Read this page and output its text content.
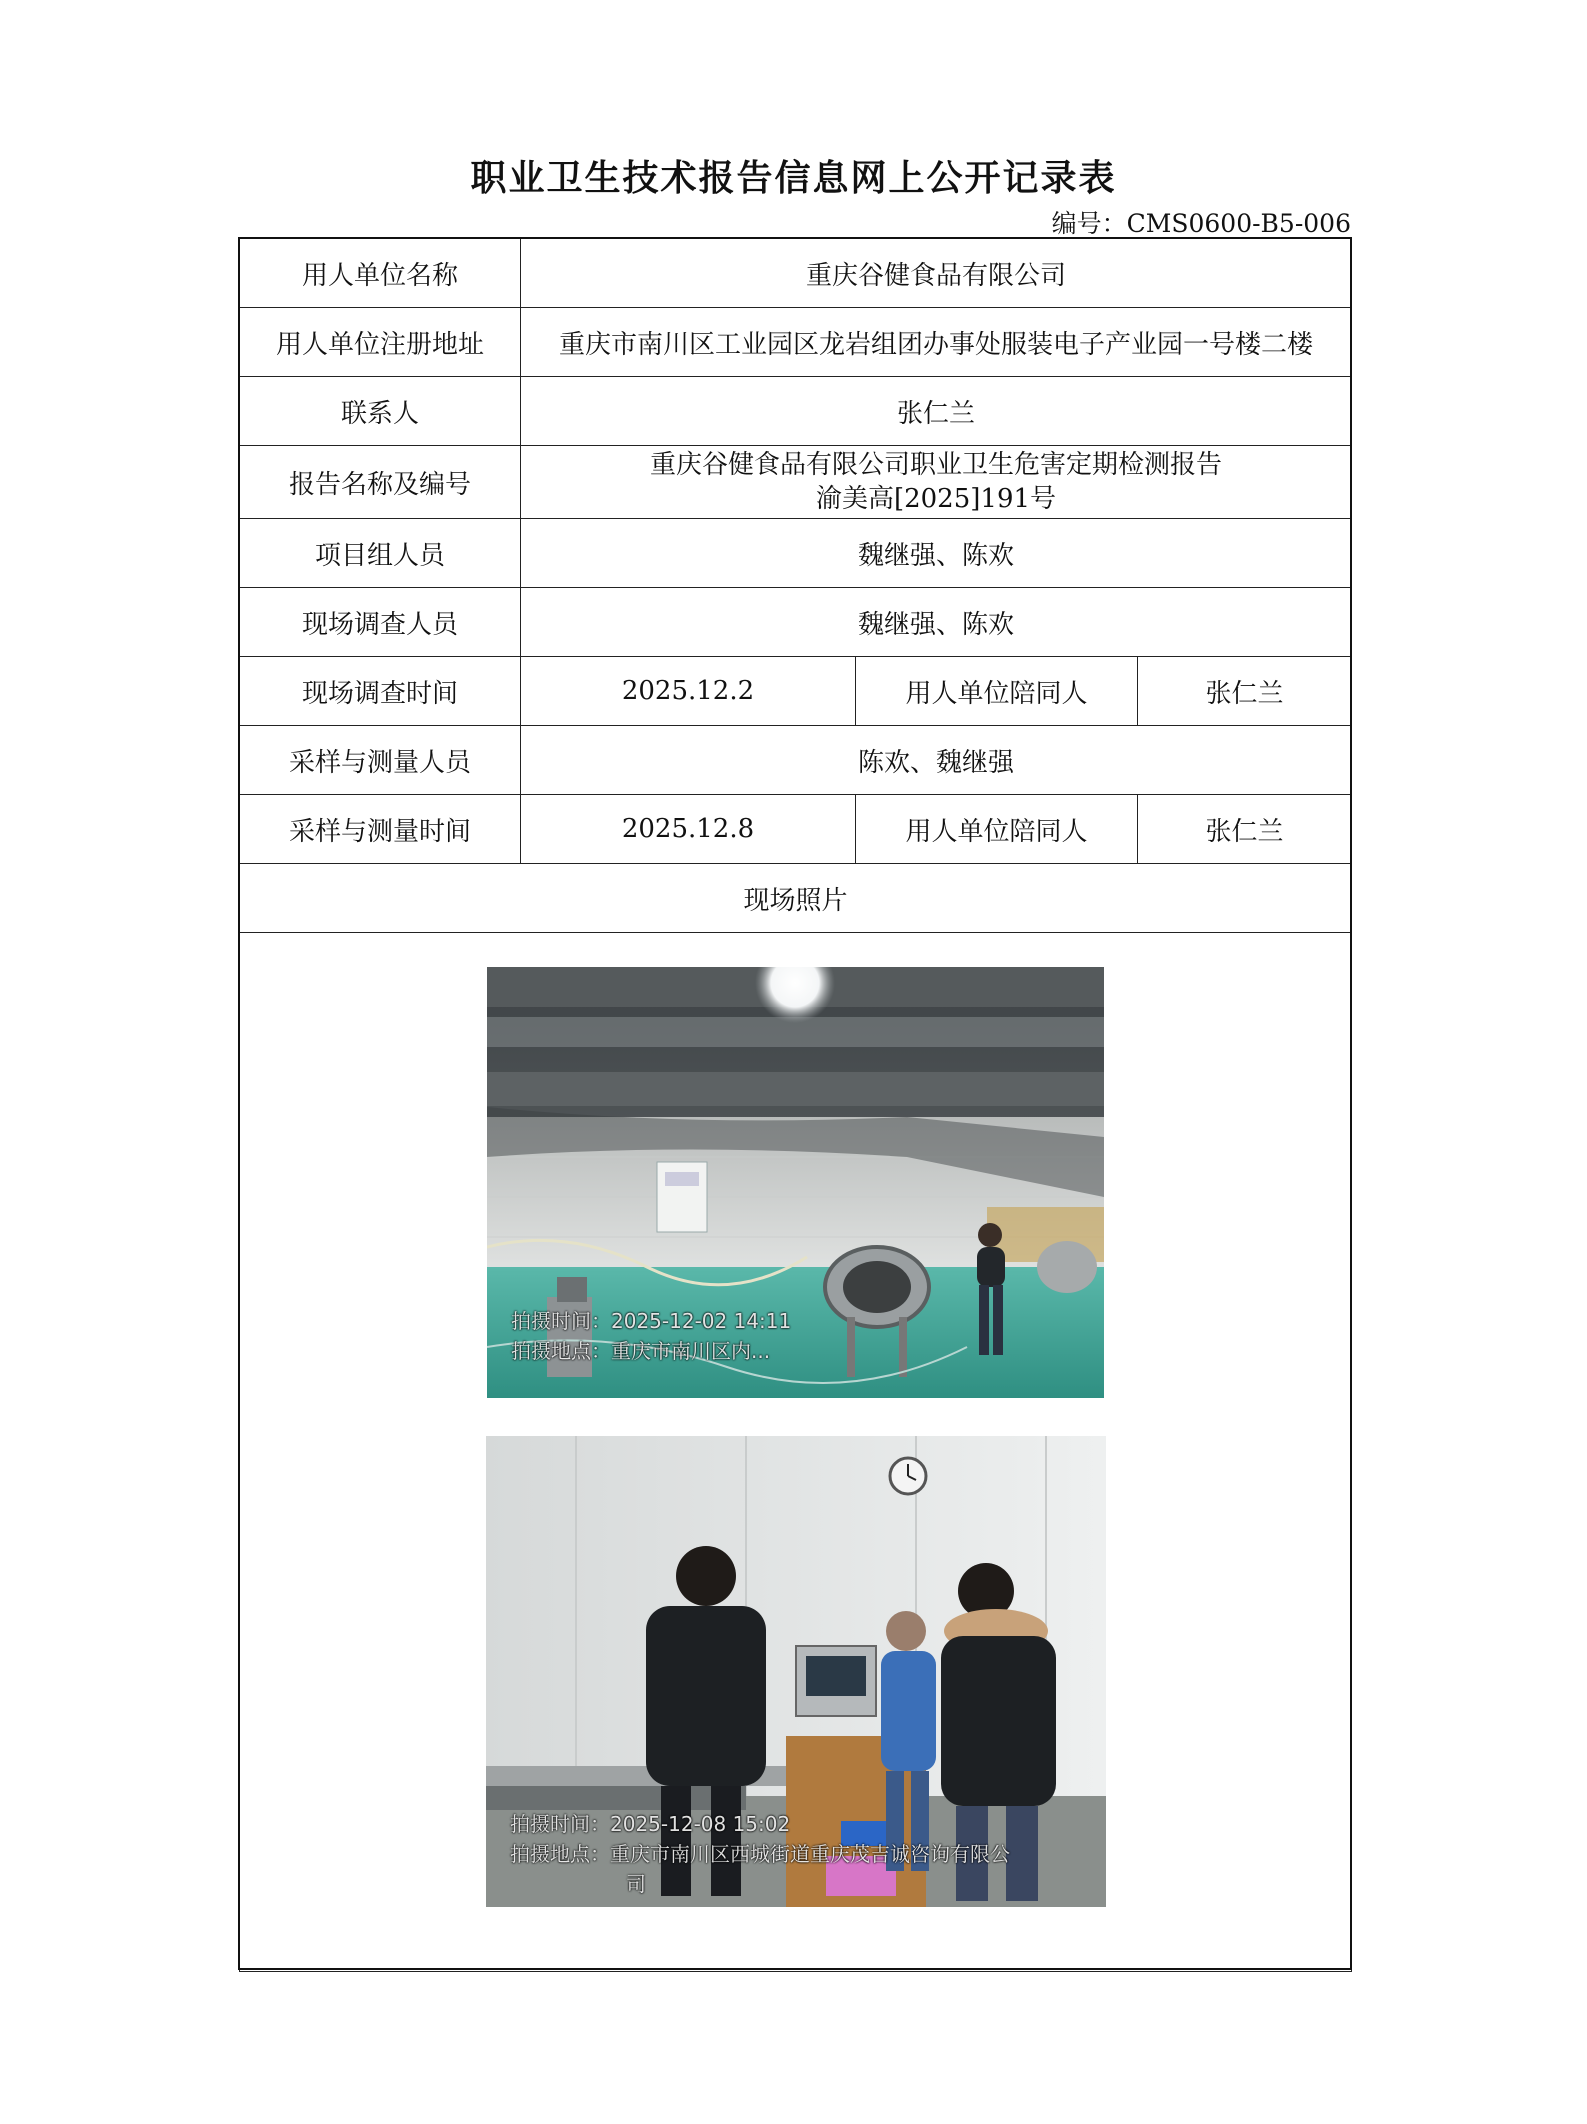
职业卫生技术报告信息网上公开记录表
编号：CMS0600-B5-006
用人单位名称	重庆谷健食品有限公司		
用人单位注册地址	重庆市南川区工业园区龙岩组团办事处服装电子产业园一号楼二楼		
联系人	张仁兰		
报告名称及编号	重庆谷健食品有限公司职业卫生危害定期检测报告
渝美高[2025]191号		

项目组人员	魏继强、陈欢		
现场调查人员	魏继强、陈欢		
现场调查时间	2025.12.2	用人单位陪同人	张仁兰
采样与测量人员	陈欢、魏继强		
采样与测量时间	2025.12.8	用人单位陪同人	张仁兰
现场照片			

拍摄时间：2025-12-02 14:11
拍摄地点：重庆市南川区内...
拍摄时间：2025-12-08 15:02
拍摄地点：重庆市南川区西城街道重庆茂吉诚咨询有限公
司
